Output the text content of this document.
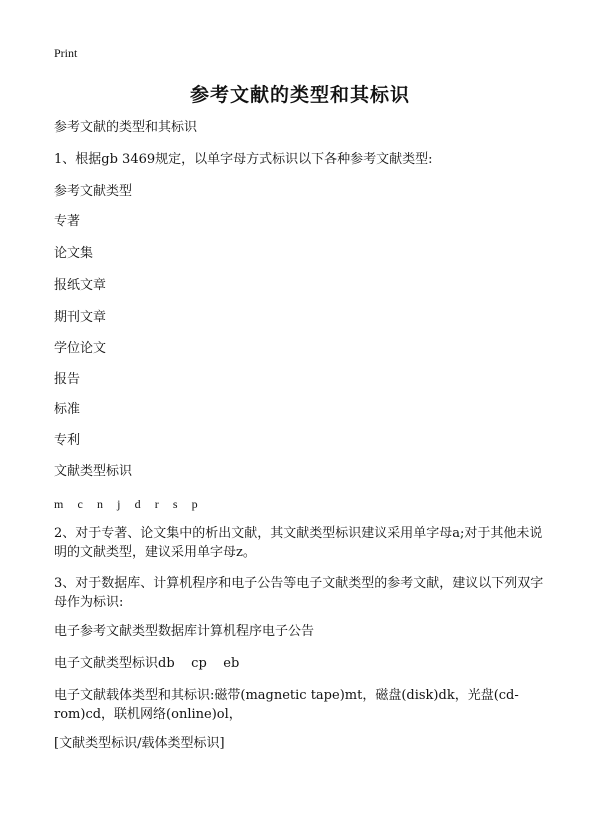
Print
参考文献的类型和其标识
参考文献的类型和其标识
1、根据gb 3469规定，以单字母方式标识以下各种参考文献类型:
参考文献类型
专著
论文集
报纸文章
期刊文章
学位论文
报告
标准
专利
文献类型标识
m c n j d r s p
2、对于专著、论文集中的析出文献，其文献类型标识建议采用单字母a;对于其他未说明的文献类型，建议采用单字母z。
3、对于数据库、计算机程序和电子公告等电子文献类型的参考文献，建议以下列双字母作为标识:
电子参考文献类型数据库计算机程序电子公告
电子文献类型标识db    cp    eb
电子文献载体类型和其标识:磁带(magnetic tape)mt，磁盘(disk)dk，光盘(cd-rom)cd，联机网络(online)ol，
[文献类型标识/载体类型标识]
